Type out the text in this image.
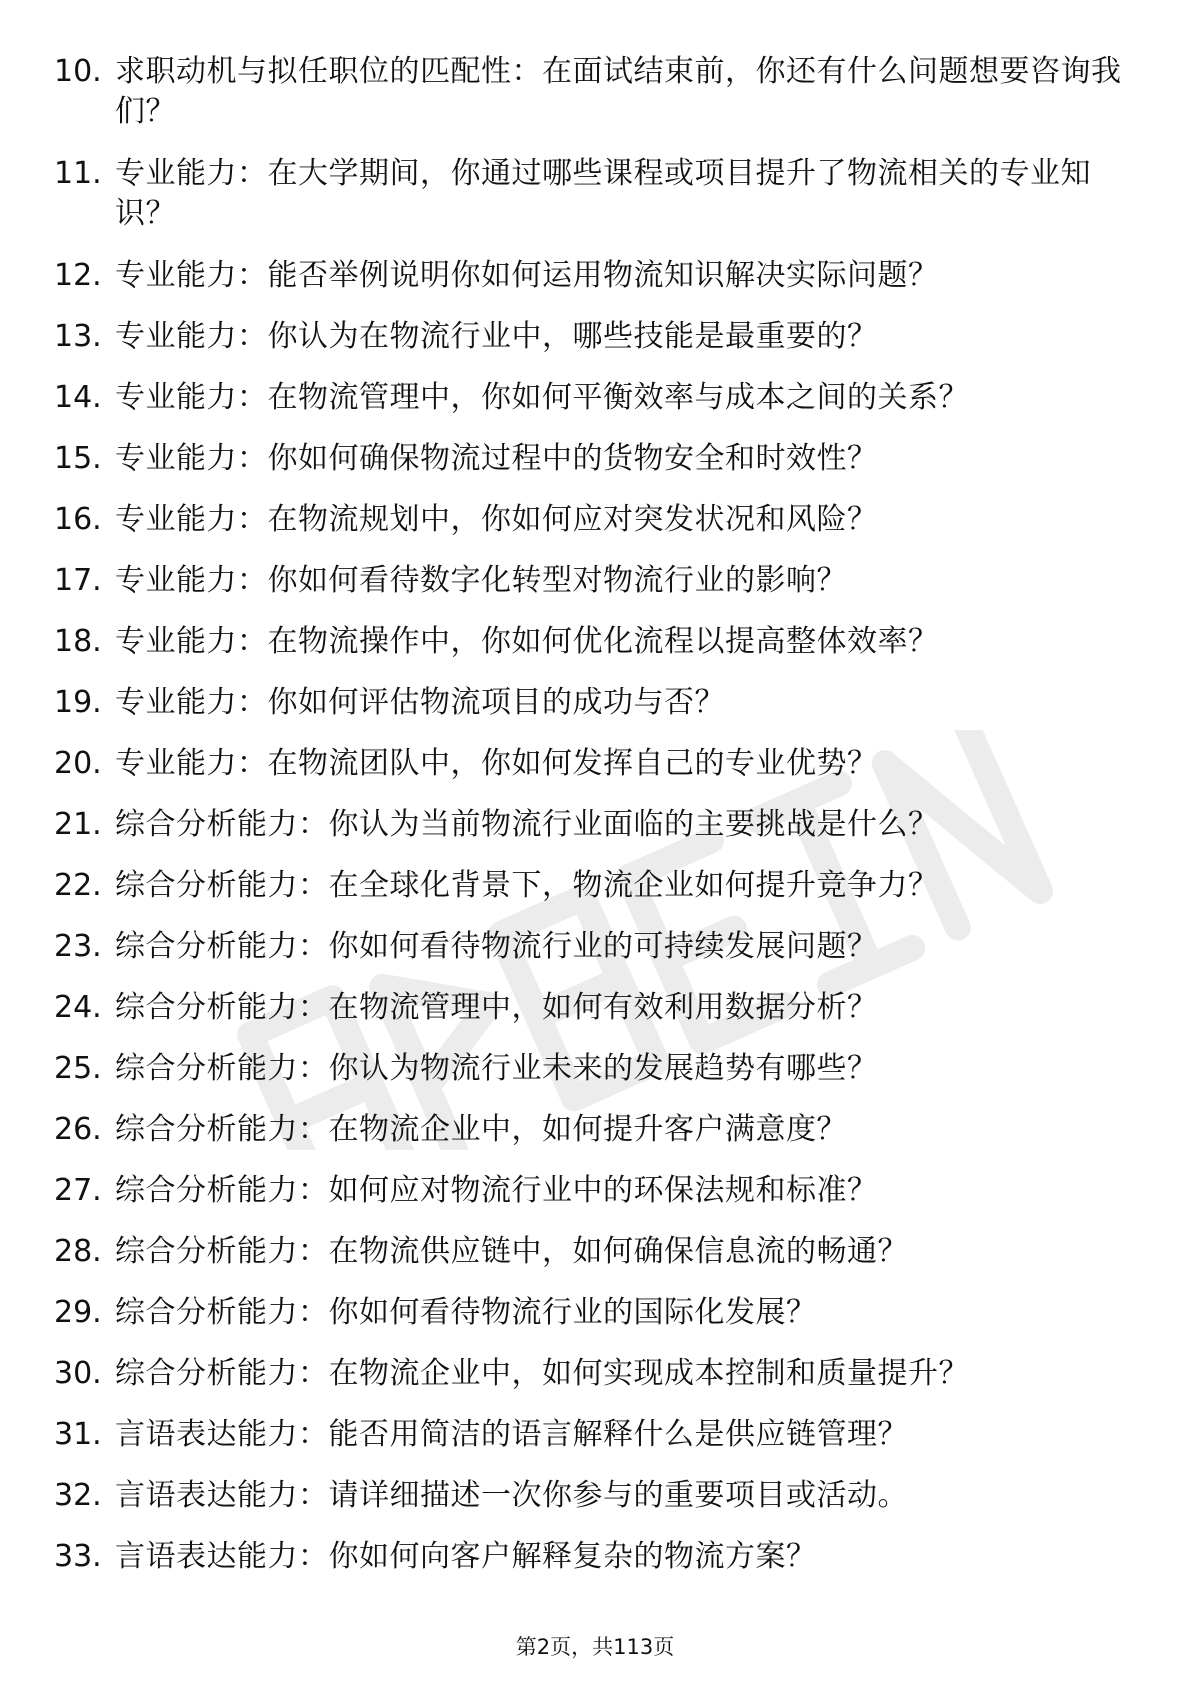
10. 求职动机与拟任职位的匹配性：在面试结束前，你还有什么问题想要咨询我们？
11. 专业能力：在大学期间，你通过哪些课程或项目提升了物流相关的专业知识？
12. 专业能力：能否举例说明你如何运用物流知识解决实际问题？
13. 专业能力：你认为在物流行业中，哪些技能是最重要的？
14. 专业能力：在物流管理中，你如何平衡效率与成本之间的关系？
15. 专业能力：你如何确保物流过程中的货物安全和时效性？
16. 专业能力：在物流规划中，你如何应对突发状况和风险？
17. 专业能力：你如何看待数字化转型对物流行业的影响？
18. 专业能力：在物流操作中，你如何优化流程以提高整体效率？
19. 专业能力：你如何评估物流项目的成功与否？
20. 专业能力：在物流团队中，你如何发挥自己的专业优势？
21. 综合分析能力：你认为当前物流行业面临的主要挑战是什么？
22. 综合分析能力：在全球化背景下，物流企业如何提升竞争力？
23. 综合分析能力：你如何看待物流行业的可持续发展问题？
24. 综合分析能力：在物流管理中，如何有效利用数据分析？
25. 综合分析能力：你认为物流行业未来的发展趋势有哪些？
26. 综合分析能力：在物流企业中，如何提升客户满意度？
27. 综合分析能力：如何应对物流行业中的环保法规和标准？
28. 综合分析能力：在物流供应链中，如何确保信息流的畅通？
29. 综合分析能力：你如何看待物流行业的国际化发展？
30. 综合分析能力：在物流企业中，如何实现成本控制和质量提升？
31. 言语表达能力：能否用简洁的语言解释什么是供应链管理？
32. 言语表达能力：请详细描述一次你参与的重要项目或活动。
33. 言语表达能力：你如何向客户解释复杂的物流方案？
第2页，共113页
